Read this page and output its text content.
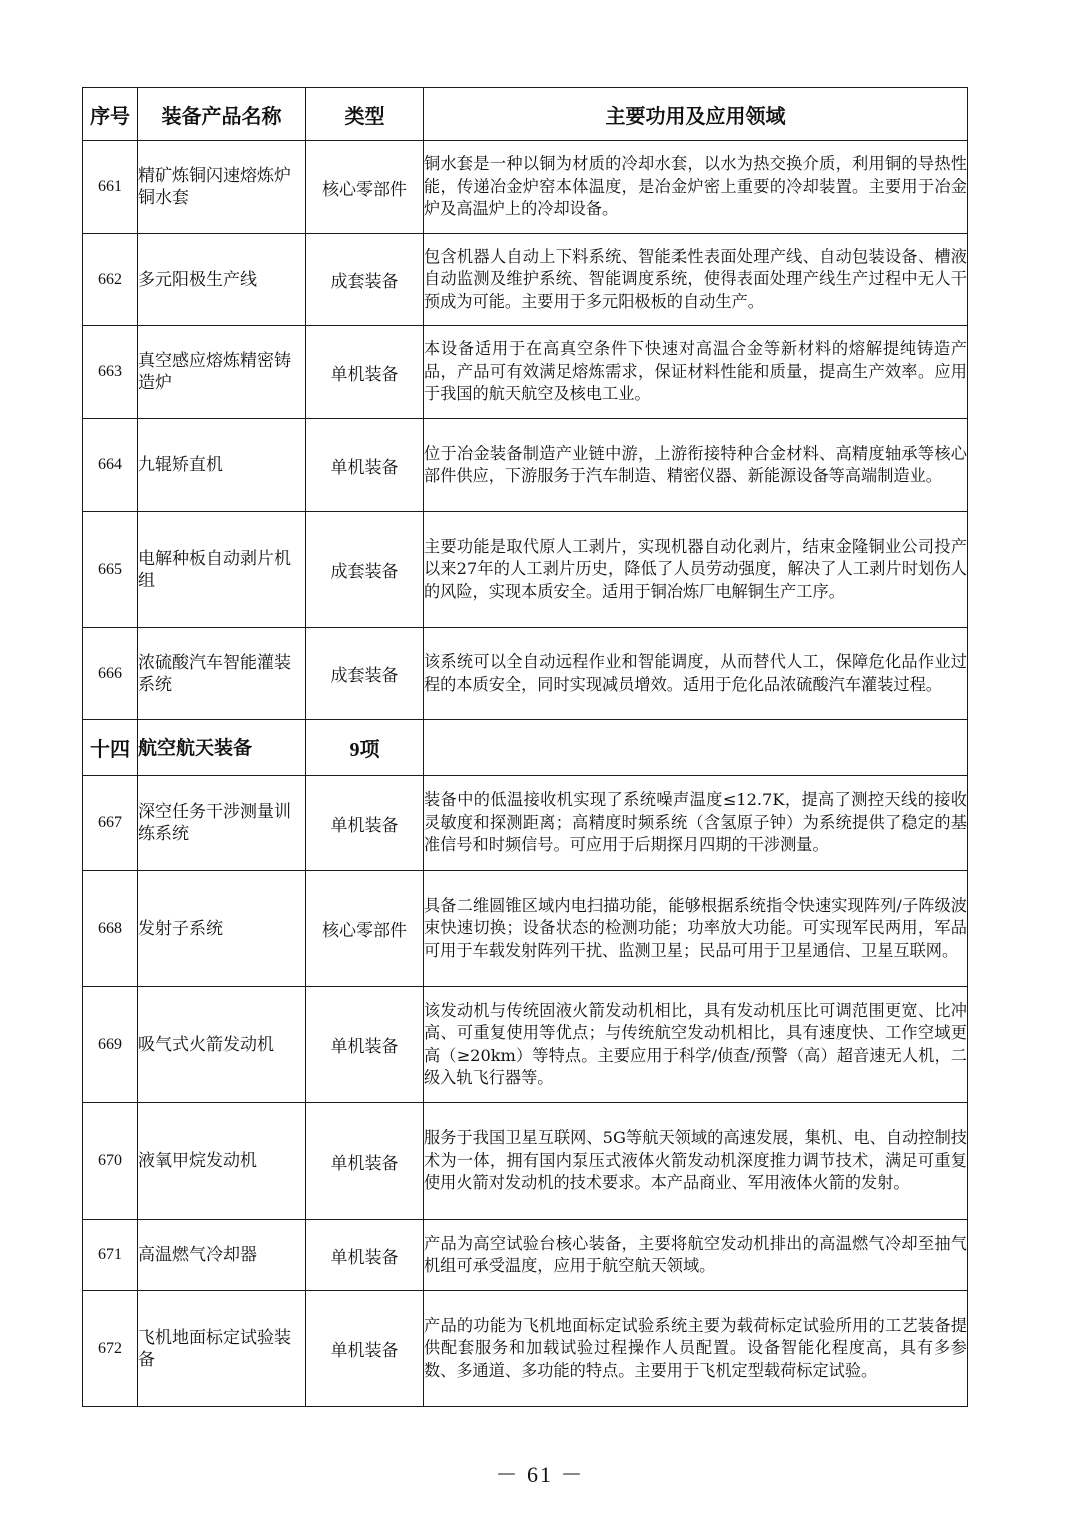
序号	装备产品名称	类型	主要功用及应用领域
661	精矿炼铜闪速熔炼炉铜水套	核心零部件	铜水套是一种以铜为材质的冷却水套，以水为热交换介质，利用铜的导热性能，传递冶金炉窑本体温度，是冶金炉密上重要的冷却装置。主要用于冶金炉及高温炉上的冷却设备。
662	多元阳极生产线	成套装备	包含机器人自动上下料系统、智能柔性表面处理产线、自动包装设备、槽液自动监测及维护系统、智能调度系统，使得表面处理产线生产过程中无人干预成为可能。主要用于多元阳极板的自动生产。
663	真空感应熔炼精密铸造炉	单机装备	本设备适用于在高真空条件下快速对高温合金等新材料的熔解提纯铸造产品，产品可有效满足熔炼需求，保证材料性能和质量，提高生产效率。应用于我国的航天航空及核电工业。
664	九辊矫直机	单机装备	位于冶金装备制造产业链中游，上游衔接特种合金材料、高精度轴承等核心部件供应，下游服务于汽车制造、精密仪器、新能源设备等高端制造业。
665	电解种板自动剥片机组	成套装备	主要功能是取代原人工剥片，实现机器自动化剥片，结束金隆铜业公司投产以来27年的人工剥片历史，降低了人员劳动强度，解决了人工剥片时划伤人的风险，实现本质安全。适用于铜冶炼厂电解铜生产工序。
666	浓硫酸汽车智能灌装系统	成套装备	该系统可以全自动远程作业和智能调度，从而替代人工，保障危化品作业过程的本质安全，同时实现减员增效。适用于危化品浓硫酸汽车灌装过程。
十四	航空航天装备	9项	
667	深空任务干涉测量训练系统	单机装备	装备中的低温接收机实现了系统噪声温度≤12.7K，提高了测控天线的接收灵敏度和探测距离；高精度时频系统（含氢原子钟）为系统提供了稳定的基准信号和时频信号。可应用于后期探月四期的干涉测量。
668	发射子系统	核心零部件	具备二维圆锥区域内电扫描功能，能够根据系统指令快速实现阵列/子阵级波束快速切换；设备状态的检测功能；功率放大功能。可实现军民两用，军品可用于车载发射阵列干扰、监测卫星；民品可用于卫星通信、卫星互联网。
669	吸气式火箭发动机	单机装备	该发动机与传统固液火箭发动机相比，具有发动机压比可调范围更宽、比冲高、可重复使用等优点；与传统航空发动机相比，具有速度快、工作空域更高（≥20km）等特点。主要应用于科学/侦查/预警（高）超音速无人机，二级入轨飞行器等。
670	液氧甲烷发动机	单机装备	服务于我国卫星互联网、5G等航天领域的高速发展，集机、电、自动控制技术为一体，拥有国内泵压式液体火箭发动机深度推力调节技术，满足可重复使用火箭对发动机的技术要求。本产品商业、军用液体火箭的发射。
671	高温燃气冷却器	单机装备	产品为高空试验台核心装备，主要将航空发动机排出的高温燃气冷却至抽气机组可承受温度，应用于航空航天领域。
672	飞机地面标定试验装备	单机装备	产品的功能为飞机地面标定试验系统主要为载荷标定试验所用的工艺装备提供配套服务和加载试验过程操作人员配置。设备智能化程度高，具有多参数、多通道、多功能的特点。主要用于飞机定型载荷标定试验。
－ 61 －
